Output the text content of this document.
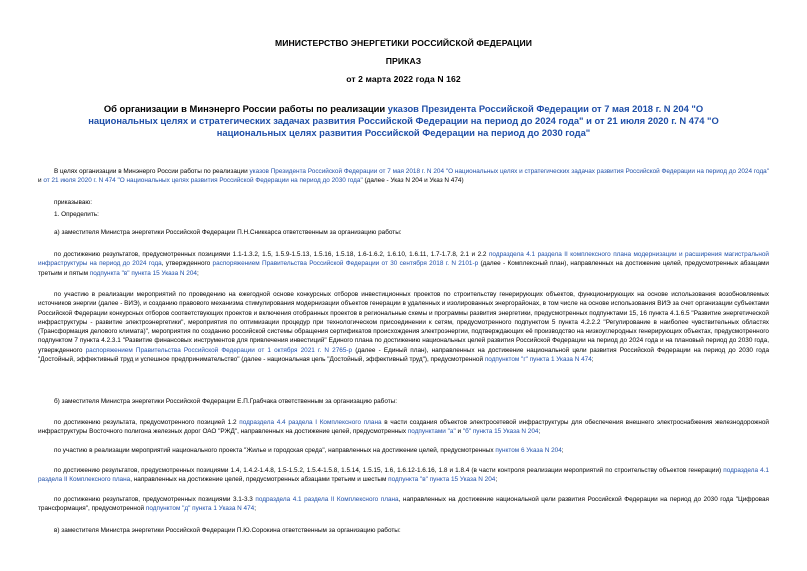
МИНИСТЕРСТВО ЭНЕРГЕТИКИ РОССИЙСКОЙ ФЕДЕРАЦИИ
ПРИКАЗ
от 2 марта 2022 года N 162
Об организации в Минэнерго России работы по реализации указов Президента Российской Федерации от 7 мая 2018 г. N 204 "О национальных целях и стратегических задачах развития Российской Федерации на период до 2024 года" и от 21 июля 2020 г. N 474 "О национальных целях развития Российской Федерации на период до 2030 года"
В целях организации в Минэнерго России работы по реализации указов Президента Российской Федерации от 7 мая 2018 г. N 204 "О национальных целях и стратегических задачах развития Российской Федерации на период до 2024 года" и от 21 июля 2020 г. N 474 "О национальных целях развития Российской Федерации на период до 2030 года" (далее - Указ N 204 и Указ N 474)
приказываю:
1. Определить:
а) заместителя Министра энергетики Российской Федерации П.Н.Сниккарса ответственным за организацию работы:
по достижению результатов, предусмотренных позициями 1.1-1.3.2, 1.5, 1.5.9-1.5.13, 1.5.16, 1.5.18, 1.6-1.6.2, 1.6.10, 1.6.11, 1.7-1.7.8, 2.1 и 2.2 подраздела 4.1 раздела II комплексного плана модернизации и расширения магистральной инфраструктуры на период до 2024 года, утвержденного распоряжением Правительства Российской Федерации от 30 сентября 2018 г. N 2101-р (далее - Комплексный план), направленных на достижение целей, предусмотренных абзацами третьим и пятым подпункта "в" пункта 15 Указа N 204;
по участию в реализации мероприятий по проведению на ежегодной основе конкурсных отборов инвестиционных проектов по строительству генерирующих объектов, функционирующих на основе использования возобновляемых источников энергии (далее - ВИЭ), и созданию правового механизма стимулирования модернизации объектов генерации в удаленных и изолированных энергорайонах, в том числе на основе использования ВИЭ за счет организации субъектами Российской Федерации конкурсных отборов соответствующих проектов и включения отобранных проектов в региональные схемы и программы развития энергетики, предусмотренных подпунктами 15, 16 пункта 4.1.6.5 "Развитие энергетической инфраструктуры - развитие электроэнергетики", мероприятия по оптимизации процедур при технологическом присоединении к сетям, предусмотренного подпунктом 5 пункта 4.2.2.2 "Регулирование в наиболее чувствительных областях (Трансформация делового климата)", мероприятия по созданию российской системы обращения сертификатов происхождения электроэнергии, подтверждающих её производство на низкоуглеродных генерирующих объектах, предусмотренного подпунктом 7 пункта 4.2.3.1 "Развитие финансовых инструментов для привлечения инвестиций" Единого плана по достижению национальных целей развития Российской Федерации на период до 2024 года и на плановый период до 2030 года, утвержденного распоряжением Правительства Российской Федерации от 1 октября 2021 г. N 2765-р (далее - Единый план), направленных на достижение национальной цели развития Российской Федерации на период до 2030 года "Достойный, эффективный труд и успешное предпринимательство" (далее - национальная цель "Достойный, эффективный труд"), предусмотренной подпунктом "г" пункта 1 Указа N 474;
б) заместителя Министра энергетики Российской Федерации Е.П.Грабчака ответственным за организацию работы:
по достижению результата, предусмотренного позицией 1.2 подраздела 4.4 раздела I Комплексного плана в части создания объектов электросетевой инфраструктуры для обеспечения внешнего электроснабжения железнодорожной инфраструктуры Восточного полигона железных дорог ОАО "РЖД", направленных на достижение целей, предусмотренных подпунктами "а" и "б" пункта 15 Указа N 204;
по участию в реализации мероприятий национального проекта "Жилье и городская среда", направленных на достижение целей, предусмотренных пунктом 6 Указа N 204;
по достижению результатов, предусмотренных позициями 1.4, 1.4.2-1.4.8, 1.5-1.5.2, 1.5.4-1.5.8, 1.5.14, 1.5.15, 1.6, 1.6.12-1.6.16, 1.8 и 1.8.4 (в части контроля реализации мероприятий по строительству объектов генерации) подраздела 4.1 раздела II Комплексного плана, направленных на достижение целей, предусмотренных абзацами третьим и шестым подпункта "в" пункта 15 Указа N 204;
по достижению результатов, предусмотренных позициями 3.1-3.3 подраздела 4.1 раздела II Комплексного плана, направленных на достижение национальной цели развития Российской Федерации на период до 2030 года "Цифровая трансформация", предусмотренной подпунктом "д" пункта 1 Указа N 474;
в) заместителя Министра энергетики Российской Федерации П.Ю.Сорокина ответственным за организацию работы:
